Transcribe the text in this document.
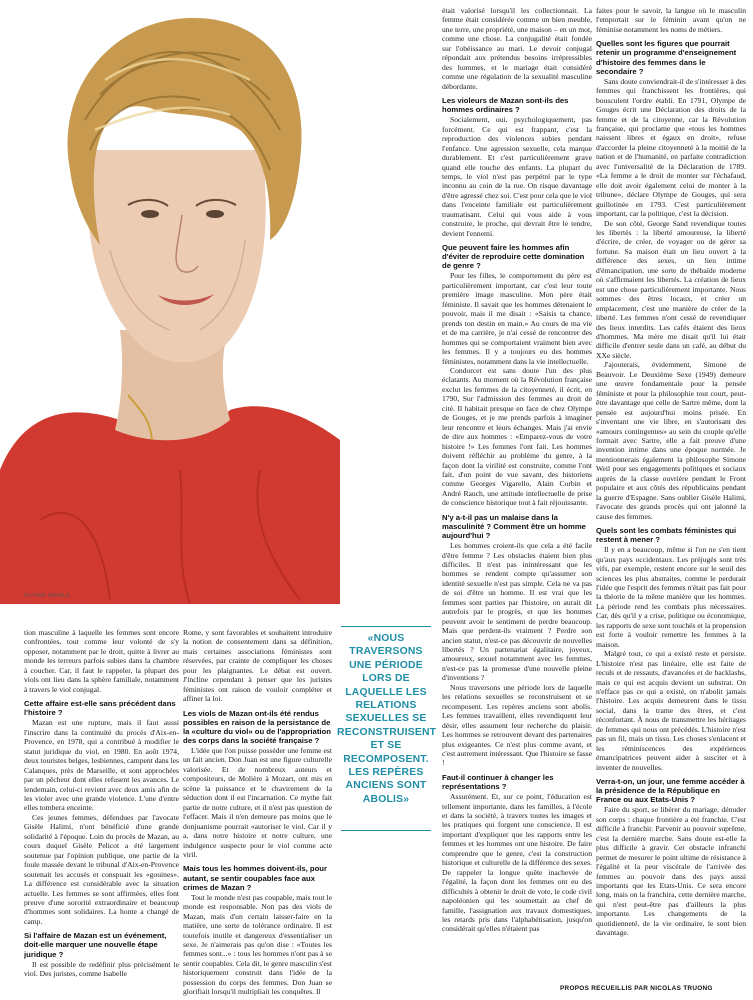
OLIVIER DANGLA

tion masculine à laquelle les femmes sont encore confrontées, tout comme leur volonté de s'y opposer, notamment par le droit, quitte à livrer au monde les terreurs parfois subies dans la chambre à coucher. Car, il faut le rappeler, la plupart des viols ont lieu dans la sphère familiale, notamment à travers le viol conjugal.

Cette affaire est-elle sans précédent dans l'histoire ?

Mazan est une rupture, mais il faut aussi l'inscrire dans la continuité du procès d'Aix-en-Provence, en 1978, qui a contribué à modifier le statut juridique du viol, en 1980. En août 1974, deux touristes belges, lesbiennes, campent dans les Calanques, près de Marseille, et sont approchées par un pêcheur dont elles refusent les avances. Le lendemain, celui-ci revient avec deux amis afin de les violer avec une grande violence. L'une d'entre elles tombera enceinte.

Ces jeunes femmes, défendues par l'avocate Gisèle Halimi, n'ont bénéficié d'une grande solidarité à l'époque. Loin du procès de Mazan, au cours duquel Gisèle Pelicot a été largement soutenue par l'opinion publique, une partie de la foule massée devant le tribunal d'Aix-en-Provence soutenait les accusés et conspuait les «gouines». La différence est considérable avec la situation actuelle. Les femmes se sont affirmées, elles font preuve d'une sororité extraordinaire et beaucoup d'hommes sont solidaires. La honte a changé de camp.

Si l'affaire de Mazan est un événement, doit-elle marquer une nouvelle étape juridique ?

Il est possible de redéfinir plus précisément le viol. Des juristes, comme Isabelle

Rome, y sont favorables et souhaitent introduire la notion de consentement dans sa définition, mais certaines associations féministes sont réservées, par crainte de compliquer les choses pour les plaignantes. Le débat est ouvert. J'incline cependant à penser que les juristes féministes ont raison de vouloir compléter et affiner la loi.

Les viols de Mazan ont-ils été rendus possibles en raison de la persistance de la «culture du viol» ou de l'appropriation des corps dans la société française ?

L'idée que l'on puisse posséder une femme est un fait ancien. Don Juan est une figure culturelle valorisée. Et de nombreux auteurs et compositeurs, de Molière à Mozart, ont mis en scène la puissance et le chavirement de la séduction dont il est l'incarnation. Ce mythe fait partie de notre culture, et il n'est pas question de l'effacer. Mais il n'en demeure pas moins que le donjuanisme pourrait «autoriser le viol. Car il y a, dans notre histoire et notre culture, une indulgence suspecte pour le viol comme acte viril.

Mais tous les hommes doivent-ils, pour autant, se sentir coupables face aux crimes de Mazan ?

Tout le monde n'est pas coupable, mais tout le monde est responsable. Non pas des viols de Mazan, mais d'un certain laisser-faire en la matière, une sorte de tolérance ordinaire. Il est toutefois inutile et dangereux d'essentialiser un sexe. Je n'aimerais pas qu'on dise : «Toutes les femmes sont...» : tous les hommes n'ont pas à se sentir coupables. Cela dit, le genre masculin s'est historiquement construit dans l'idée de la possession du corps des femmes. Don Juan se glorifiait lorsqu'il multipliait les conquêtes. Il

«NOUS TRAVERSONS UNE PÉRIODE LORS DE LAQUELLE LES RELATIONS SEXUELLES SE RECONSTRUISENT ET SE RECOMPOSENT. LES REPÈRES ANCIENS SONT ABOLIS»

était valorisé lorsqu'il les collectionnait. La femme était considérée comme un bien meuble, une terre, une propriété, une maison – en un mot, comme une chose. La conjugalité était fondée sur l'obéissance au mari. Le devoir conjugal répondait aux prétendus besoins irrépressibles des hommes, et le mariage était considéré comme une régulation de la sexualité masculine débordante.

Les violeurs de Mazan sont-ils des hommes ordinaires ?

Socialement, oui, psychologiquement, pas forcément. Ce qui est frappant, c'est la reproduction des violences subies pendant l'enfance. Une agression sexuelle, cela marque durablement. Et c'est particulièrement grave quand elle touche des enfants. La plupart du temps, le viol n'est pas perpétré par le type inconnu au coin de la rue. On risque davantage d'être agressé chez soi. C'est pour cela que le viol dans l'enceinte familiale est particulièrement traumatisant. Celui qui vous aide à vous construire, le proche, qui devrait être le tendre, devient l'ennemi.

Que peuvent faire les hommes afin d'éviter de reproduire cette domination de genre ?

Pour les filles, le comportement du père est particulièrement important, car c'est leur toute première image masculine. Mon père était féministe. Il savait que les hommes détenaient le pouvoir, mais il me disait : «Saisis ta chance, prends ton destin en main.» Au cours de ma vie et de ma carrière, je n'ai cessé de rencontrer des hommes qui se comportaient vraiment bien avec les femmes. Il y a toujours eu des hommes féministes, notamment dans la vie intellectuelle.

Condorcet est sans doute l'un des plus éclatants. Au moment où la Révolution française exclut les femmes de la citoyenneté, il écrit, en 1790, Sur l'admission des femmes au droit de cité. Il habitait presque en face de chez Olympe de Gouges, et je me prends parfois à imaginer leur rencontre et leurs échanges. Mais j'ai envie de dire aux hommes : «Emparez-vous de votre histoire !» Les femmes l'ont fait. Les hommes doivent réfléchir au problème du genre, à la façon dont la virilité est construite, comme l'ont fait, d'un point de vue savant, des historiens comme Georges Vigarello, Alain Corbin et André Rauch, une attitude intellectuelle de prise de conscience historique tout à fait réjouissante.

N'y a-t-il pas un malaise dans la masculinité ? Comment être un homme aujourd'hui ?

Les hommes croient-ils que cela a été facile d'être femme ? Les obstacles étaient bien plus difficiles. Il n'est pas inintéressant que les hommes se rendent compte qu'assumer son identité sexuelle n'est pas simple. Cela ne va pas de soi d'être un homme. Il est vrai que les femmes sont parties par l'histoire, on aurait dit autrefois par le progrès, et que les hommes peuvent avoir le sentiment de perdre beaucoup. Mais que perdent-ils vraiment ? Perdre son ancien statut, n'est-ce pas découvrir de nouvelles libertés ? Un partenariat égalitaire, joyeux, amoureux, sexuel notamment avec les femmes, n'est-ce pas la promesse d'une nouvelle pleine d'inventions ?

Nous traversons une période lors de laquelle les relations sexuelles se reconstruisent et se recomposent. Les repères anciens sont abolis. Les femmes travaillent, elles revendiquent leur désir, elles assument leur recherche du plaisir. Les hommes se retrouvent devant des partenaires plus exigeantes. Ce n'est plus comme avant, et c'est autrement intéressant. Que l'histoire se fasse !

Faut-il continuer à changer les représentations ?

Assurément. Et, sur ce point, l'éducation est tellement importante, dans les familles, à l'école et dans la société, à travers toutes les images et les pratiques qui forgent une conscience. Il est important d'expliquer que les rapports entre les femmes et les hommes ont une histoire. De faire comprendre que le genre, c'est la construction historique et culturelle de la différence des sexes. De rappeler la longue quête inachevée de l'égalité, la façon dont les femmes ont eu des difficultés à obtenir le droit de vote, le code civil napoléonien qui les soumettait au chef de famille, l'assignation aux travaux domestiques, les retards pris dans l'alphabétisation, jusqu'on considérait qu'elles n'étaient pas

faites pour le savoir, la langue où le masculin l'emportait sur le féminin avant qu'on ne féminise notamment les noms de métiers.

Quelles sont les figures que pourrait retenir un programme d'enseignement d'histoire des femmes dans le secondaire ?

Sans doute conviendrait-il de s'intéresser à des femmes qui franchissent les frontières, qui bousculent l'ordre établi. En 1791, Olympe de Gouges écrit une Déclaration des droits de la femme et de la citoyenne, car la Révolution française, qui proclame que «tous les hommes naissent libres et égaux en droit», refuse d'accorder la pleine citoyenneté à la moitié de la nation et de l'humanité, en parfaite contradiction avec l'universalité de la Déclaration de 1789. «La femme a le droit de monter sur l'échafaud, elle doit avoir également celui de monter à la tribune», déclare Olympe de Gouges, qui sera guillotinée en 1793. C'est particulièrement important, car la politique, c'est la décision.

De son côté, George Sand revendique toutes les libertés : la liberté amoureuse, la liberté d'écrire, de créer, de voyager ou de gérer sa fortune. Sa maison était un lieu ouvert à la différence des sexes, un lieu intime d'émancipation, une sorte de thébaïde moderne où s'affirmaient les libertés. La création de lieux est une chose particulièrement importante. Nous sommes des êtres locaux, et créer un emplacement, c'est une manière de créer de la liberté. Les femmes n'ont cessé de revendiquer des lieux interdits. Les cafés étaient des lieux d'hommes. Ma mère me disait qu'il lui était difficile d'entrer seule dans un café, au début du XXe siècle.

J'ajouterais, évidemment, Simone de Beauvoir. Le Deuxième Sexe (1949) demeure une œuvre fondamentale pour la pensée féministe et pour la philosophie tout court, peut-être davantage que celle de Sartre même, dont la pensée est aujourd'hui moins prisée. En s'inventant une vie libre, en s'autorisant des «amours contingentes» au sein du couple qu'elle formait avec Sartre, elle a fait preuve d'une invention intime dans une époque normée. Je mentionnerais également la philosophe Simone Weil pour ses engagements politiques et sociaux auprès de la classe ouvrière pendant le Front populaire et aux côtés des républicains pendant la guerre d'Espagne. Sans oublier Gisèle Halimi, l'avocate des grands procès qui ont jalonné la cause des femmes.

Quels sont les combats féministes qui restent à mener ?

Il y en a beaucoup, même si l'on ne s'en tient qu'aux pays occidentaux. Les préjugés sont très vifs, par exemple, restent encore sur le seuil des sciences les plus abstraites, comme le perdurait l'idée que l'esprit des femmes n'était pas fait pour la théorie de la même manière que les hommes. La période rend les combats plus nécessaires. Car, dès qu'il y a crise, politique ou économique, les rapports de sexe sont touchés et la propension est forte à vouloir remettre les femmes à la maison.

Malgré tout, ce qui a existé reste et persiste. L'histoire n'est pas linéaire, elle est faite de reculs et de ressauts, d'avancées et de backlashs, mais ce qui est acquis devient un substrat. On n'efface pas ce qui a existé, on n'abolit jamais l'histoire. Les acquis demeurent dans le tissu social, dans la trame des êtres, et c'est réconfortant. À nous de transmettre les héritages de femmes qui nous ont précédés. L'histoire n'est pas un fil, mais un tissu. Les choses s'enlacent et les réminiscences des expériences émancipatrices peuvent aider à susciter et à inventer de nouvelles.

Verra-t-on, un jour, une femme accéder à la présidence de la République en France ou aux Etats-Unis ?

Faire du sport, se libérer du mariage, dénuder son corps : chaque frontière a été franchie. C'est difficile à franchir. Parvenir au pouvoir suprême, c'est la dernière marche. Sans doute est-elle la plus difficile à gravir. Cet obstacle infranchi permet de mesurer le point ultime de résistance à l'égalité et la peur viscérale de l'arrivée des femmes au pouvoir dans des pays aussi importants que les Etats-Unis. Ce sera encore long, mais on la franchira, cette dernière marche, qui n'est peut-être pas d'ailleurs la plus importante. Les changements de la quotidienneté, de la vie ordinaire, le sont bien davantage.

PROPOS RECUEILLIS PAR NICOLAS TRUONG
